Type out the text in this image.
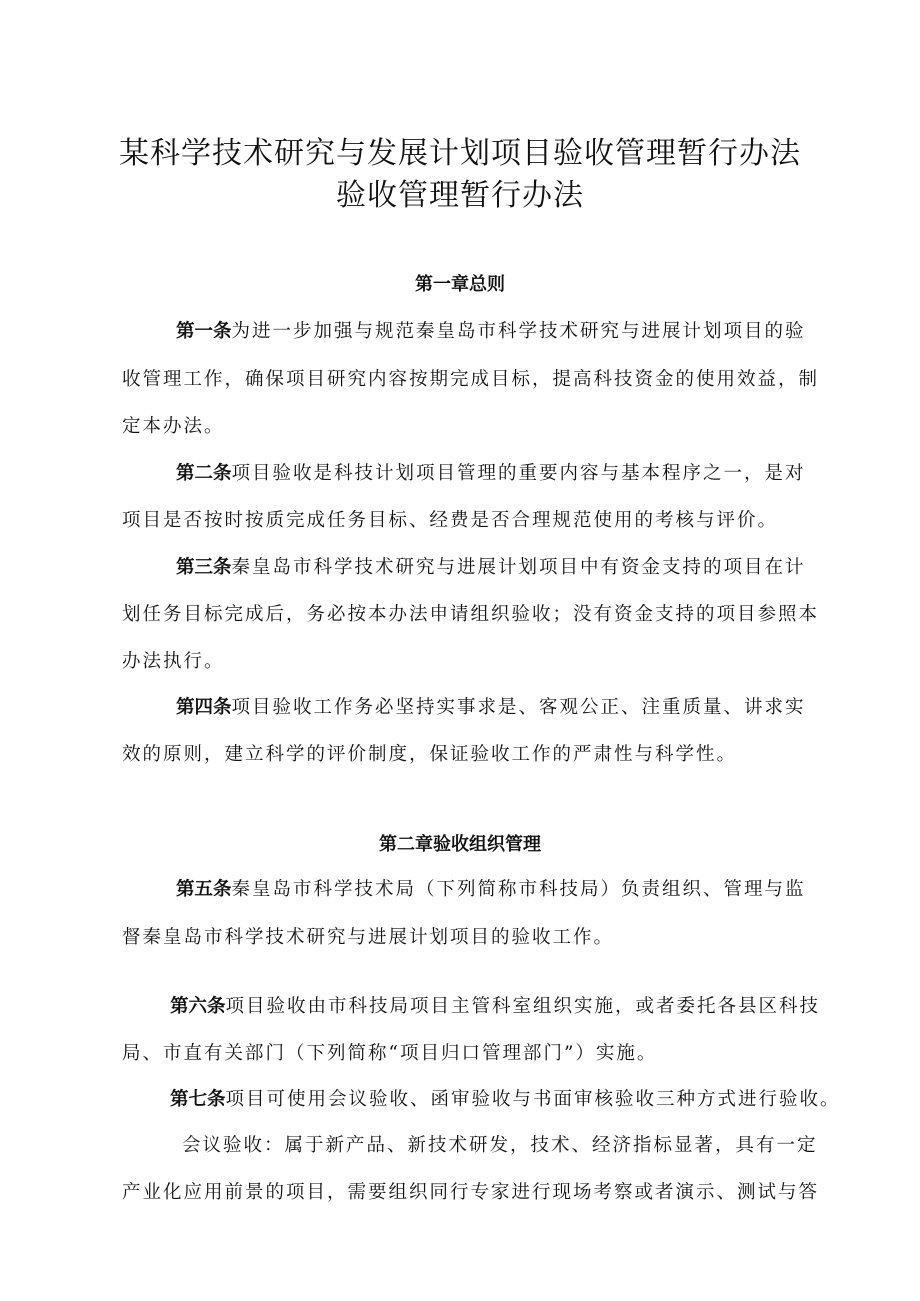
某科学技术研究与发展计划项目验收管理暂行办法
验收管理暂行办法
第一章总则

第一条为进一步加强与规范秦皇岛市科学技术研究与进展计划项目的验

收管理工作，确保项目研究内容按期完成目标，提高科技资金的使用效益，制

定本办法。

第二条项目验收是科技计划项目管理的重要内容与基本程序之一，是对

项目是否按时按质完成任务目标、经费是否合理规范使用的考核与评价。

第三条秦皇岛市科学技术研究与进展计划项目中有资金支持的项目在计

划任务目标完成后，务必按本办法申请组织验收；没有资金支持的项目参照本

办法执行。

第四条项目验收工作务必坚持实事求是、客观公正、注重质量、讲求实

效的原则，建立科学的评价制度，保证验收工作的严肃性与科学性。

第二章验收组织管理

第五条秦皇岛市科学技术局（下列简称市科技局）负责组织、管理与监

督秦皇岛市科学技术研究与进展计划项目的验收工作。

第六条项目验收由市科技局项目主管科室组织实施，或者委托各县区科技

局、市直有关部门（下列简称“项目归口管理部门”）实施。

第七条项目可使用会议验收、函审验收与书面审核验收三种方式进行验收。

会议验收：属于新产品、新技术研发，技术、经济指标显著，具有一定

产业化应用前景的项目，需要组织同行专家进行现场考察或者演示、测试与答
